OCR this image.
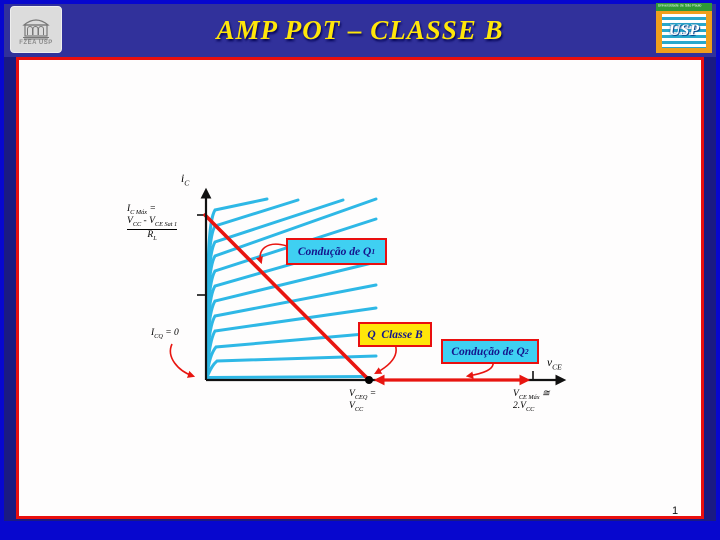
AMP POT – CLASSE B
FZEA USP
Universidade de São Paulo
USP
$i_C$
$v_{CE}$
$I_{C Máx}$ =
$V_{CC} - V_{CE Sat 1}$
$R_L$
$I_{CQ} = 0$
$V_{CEQ}$ =
$V_{CC}$
$V_{CE Máx}$ ≅
$2.V_{CC}$
Condução de Q 1
Q  Classe B
Condução de Q 2
1
